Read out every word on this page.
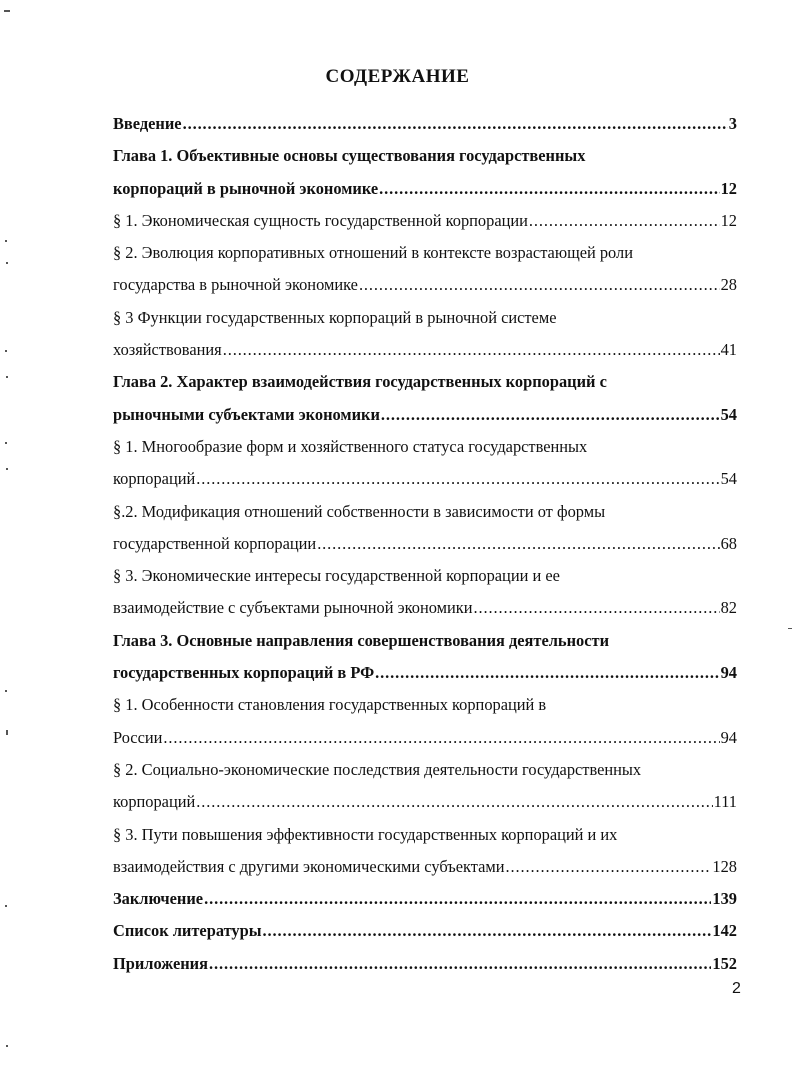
СОДЕРЖАНИЕ
Введение . . .	3
Глава 1. Объективные основы существования государственных
корпораций в рыночной экономике . . .	12
§ 1. Экономическая сущность государственной корпорации . . .	12
§ 2. Эволюция корпоративных отношений в контексте возрастающей роли
государства в рыночной экономике . . .	28
§ 3 Функции государственных корпораций в рыночной системе
хозяйствования . . .	41
Глава 2. Характер взаимодействия государственных корпораций с
рыночными субъектами экономики . . .	54
§ 1. Многообразие форм и хозяйственного статуса государственных
корпораций . . .	54
§.2. Модификация отношений собственности в зависимости от формы
государственной корпорации . . .	68
§ 3. Экономические интересы государственной корпорации и ее
взаимодействие с субъектами рыночной экономики . . .	82
Глава 3. Основные направления совершенствования деятельности
государственных корпораций в РФ . . .	94
§ 1. Особенности становления государственных корпораций в
России . . .	94
§ 2. Социально-экономические последствия деятельности государственных
корпораций . . .	111
§ 3. Пути повышения эффективности государственных корпораций и их
взаимодействия с другими экономическими субъектами . . .	128
Заключение . . .	139
Список литературы . . .	142
Приложения . . .	152
2
